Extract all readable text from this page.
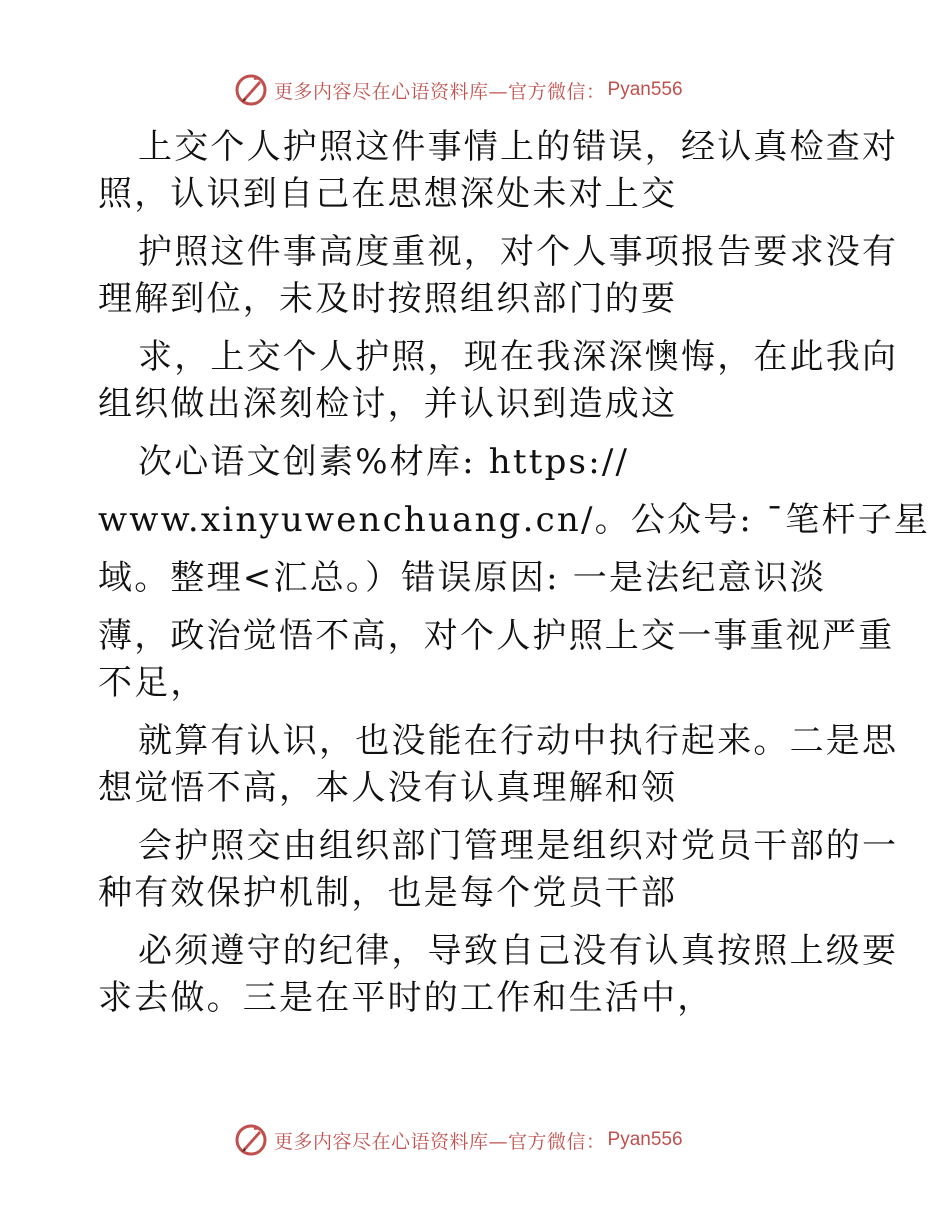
更多内容尽在心语资料库—官方微信： Pyan556
上交个人护照这件事情上的错误，经认真检查对
照，认识到自己在思想深处未对上交
护照这件事高度重视，对个人事项报告要求没有
理解到位，未及时按照组织部门的要
求，上交个人护照，现在我深深懊悔，在此我向
组织做出深刻检讨，并认识到造成这
次心语文创素%材库: https://
www.xinyuwenchuang.cn/。公众号: ¯笔杆子星
域。整理<汇总。）错误原因: 一是法纪意识淡
薄，政治觉悟不高，对个人护照上交一事重视严重
不足，
就算有认识，也没能在行动中执行起来。二是思
想觉悟不高，本人没有认真理解和领
会护照交由组织部门管理是组织对党员干部的一
种有效保护机制，也是每个党员干部
必须遵守的纪律，导致自己没有认真按照上级要
求去做。三是在平时的工作和生活中，
更多内容尽在心语资料库—官方微信： Pyan556
